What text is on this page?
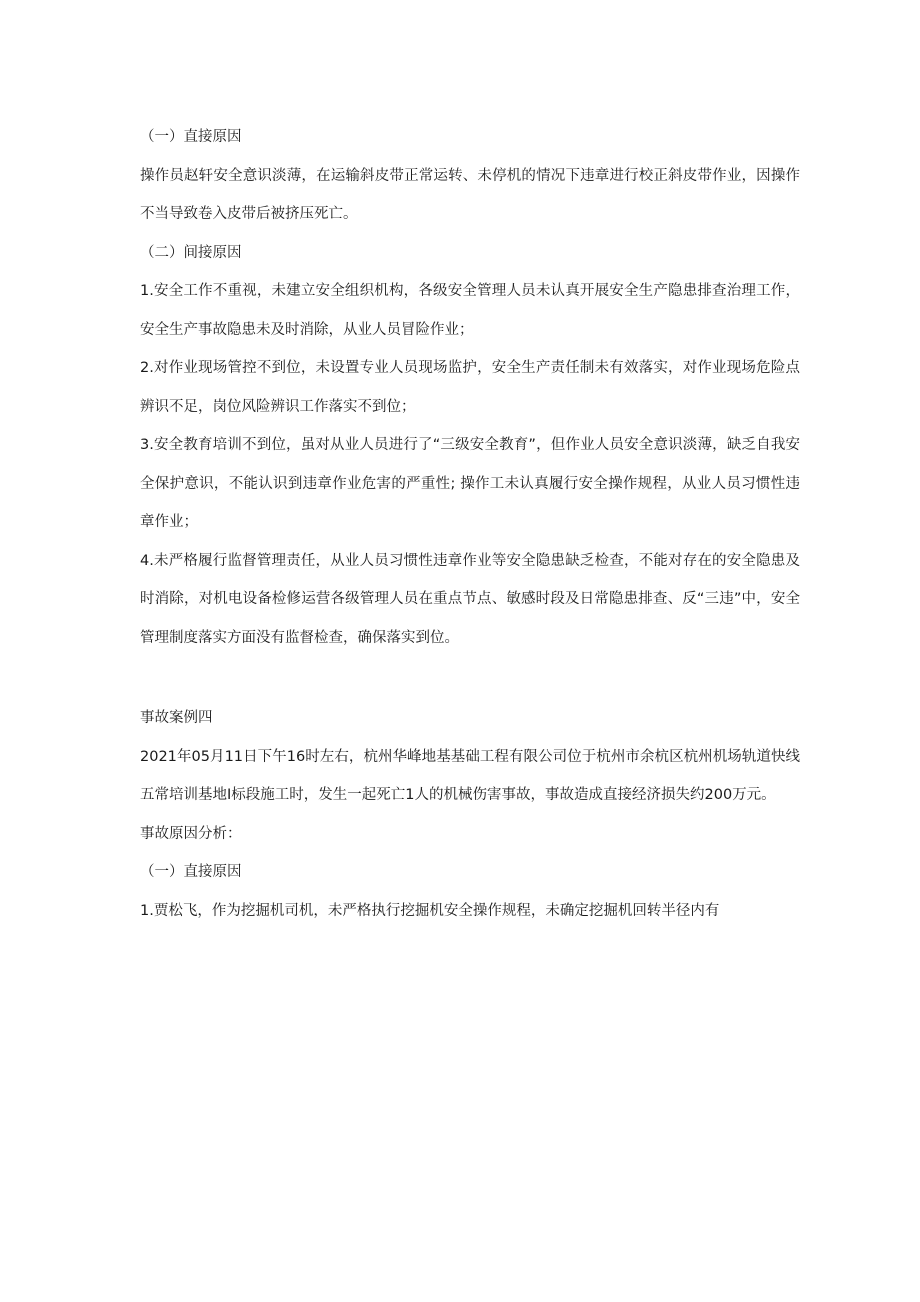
（一）直接原因

操作员赵轩安全意识淡薄，在运输斜皮带正常运转、未停机的情况下违章进行校正斜皮带作业，因操作不当导致卷入皮带后被挤压死亡。

（二）间接原因

1.安全工作不重视，未建立安全组织机构，各级安全管理人员未认真开展安全生产隐患排查治理工作，安全生产事故隐患未及时消除，从业人员冒险作业；

2.对作业现场管控不到位，未设置专业人员现场监护，安全生产责任制未有效落实，对作业现场危险点辨识不足，岗位风险辨识工作落实不到位；

3.安全教育培训不到位，虽对从业人员进行了“三级安全教育”，但作业人员安全意识淡薄，缺乏自我安全保护意识，不能认识到违章作业危害的严重性; 操作工未认真履行安全操作规程，从业人员习惯性违章作业；

4.未严格履行监督管理责任，从业人员习惯性违章作业等安全隐患缺乏检查，不能对存在的安全隐患及时消除，对机电设备检修运营各级管理人员在重点节点、敏感时段及日常隐患排查、反“三违”中，安全管理制度落实方面没有监督检查，确保落实到位。

事故案例四

2021年05月11日下午16时左右，杭州华峰地基基础工程有限公司位于杭州市余杭区杭州机场轨道快线五常培训基地I标段施工时，发生一起死亡1人的机械伤害事故，事故造成直接经济损失约200万元。

事故原因分析：

（一）直接原因

1.贾松飞，作为挖掘机司机，未严格执行挖掘机安全操作规程，未确定挖掘机回转半径内有
